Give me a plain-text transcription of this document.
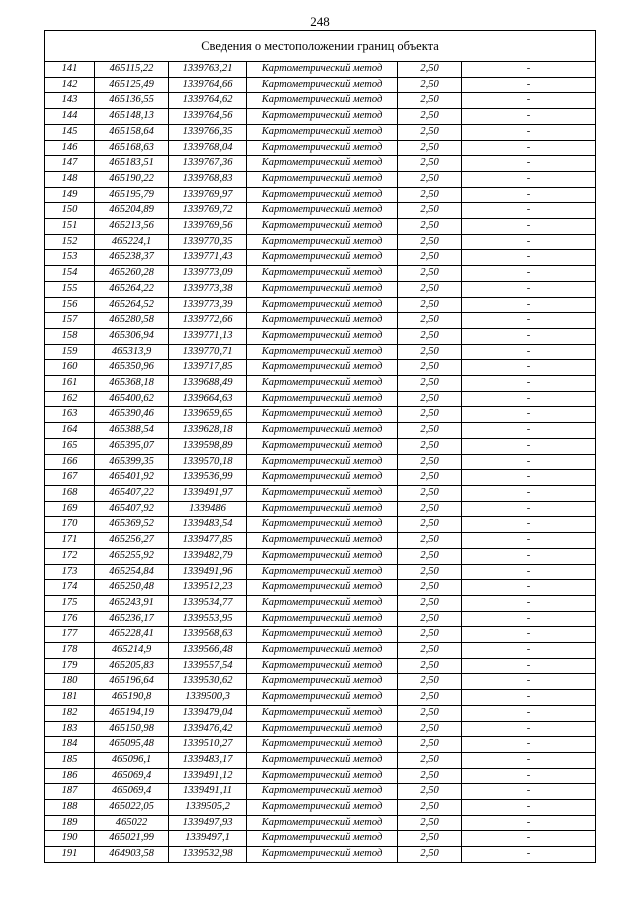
248
Сведения о местоположении границ объекта
141	465115,22	1339763,21	Картометрический метод	2,50	-
142	465125,49	1339764,66	Картометрический метод	2,50	-
143	465136,55	1339764,62	Картометрический метод	2,50	-
144	465148,13	1339764,56	Картометрический метод	2,50	-
145	465158,64	1339766,35	Картометрический метод	2,50	-
146	465168,63	1339768,04	Картометрический метод	2,50	-
147	465183,51	1339767,36	Картометрический метод	2,50	-
148	465190,22	1339768,83	Картометрический метод	2,50	-
149	465195,79	1339769,97	Картометрический метод	2,50	-
150	465204,89	1339769,72	Картометрический метод	2,50	-
151	465213,56	1339769,56	Картометрический метод	2,50	-
152	465224,1	1339770,35	Картометрический метод	2,50	-
153	465238,37	1339771,43	Картометрический метод	2,50	-
154	465260,28	1339773,09	Картометрический метод	2,50	-
155	465264,22	1339773,38	Картометрический метод	2,50	-
156	465264,52	1339773,39	Картометрический метод	2,50	-
157	465280,58	1339772,66	Картометрический метод	2,50	-
158	465306,94	1339771,13	Картометрический метод	2,50	-
159	465313,9	1339770,71	Картометрический метод	2,50	-
160	465350,96	1339717,85	Картометрический метод	2,50	-
161	465368,18	1339688,49	Картометрический метод	2,50	-
162	465400,62	1339664,63	Картометрический метод	2,50	-
163	465390,46	1339659,65	Картометрический метод	2,50	-
164	465388,54	1339628,18	Картометрический метод	2,50	-
165	465395,07	1339598,89	Картометрический метод	2,50	-
166	465399,35	1339570,18	Картометрический метод	2,50	-
167	465401,92	1339536,99	Картометрический метод	2,50	-
168	465407,22	1339491,97	Картометрический метод	2,50	-
169	465407,92	1339486	Картометрический метод	2,50	-
170	465369,52	1339483,54	Картометрический метод	2,50	-
171	465256,27	1339477,85	Картометрический метод	2,50	-
172	465255,92	1339482,79	Картометрический метод	2,50	-
173	465254,84	1339491,96	Картометрический метод	2,50	-
174	465250,48	1339512,23	Картометрический метод	2,50	-
175	465243,91	1339534,77	Картометрический метод	2,50	-
176	465236,17	1339553,95	Картометрический метод	2,50	-
177	465228,41	1339568,63	Картометрический метод	2,50	-
178	465214,9	1339566,48	Картометрический метод	2,50	-
179	465205,83	1339557,54	Картометрический метод	2,50	-
180	465196,64	1339530,62	Картометрический метод	2,50	-
181	465190,8	1339500,3	Картометрический метод	2,50	-
182	465194,19	1339479,04	Картометрический метод	2,50	-
183	465150,98	1339476,42	Картометрический метод	2,50	-
184	465095,48	1339510,27	Картометрический метод	2,50	-
185	465096,1	1339483,17	Картометрический метод	2,50	-
186	465069,4	1339491,12	Картометрический метод	2,50	-
187	465069,4	1339491,11	Картометрический метод	2,50	-
188	465022,05	1339505,2	Картометрический метод	2,50	-
189	465022	1339497,93	Картометрический метод	2,50	-
190	465021,99	1339497,1	Картометрический метод	2,50	-
191	464903,58	1339532,98	Картометрический метод	2,50	-
